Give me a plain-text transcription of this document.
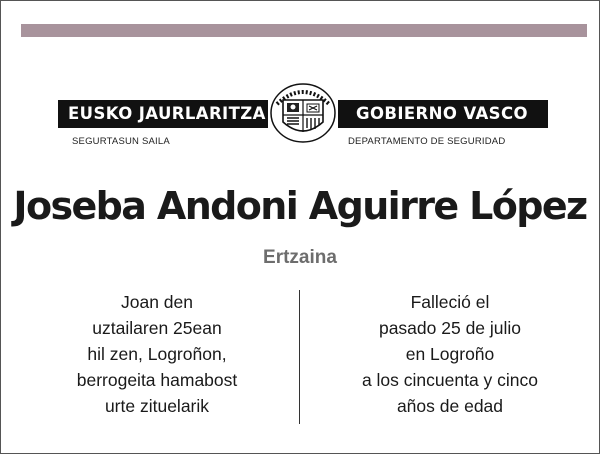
EUSKO JAURLARITZA	GOBIERNO VASCO
SEGURTASUN SAILA	DEPARTAMENTO DE SEGURIDAD
Joseba Andoni Aguirre López
Ertzaina
Joan den
uztailaren 25ean
hil zen, Logroñon,
berrogeita hamabost
urte zituelarik
Falleció el
pasado 25 de julio
en Logroño
a los cincuenta y cinco
años de edad
